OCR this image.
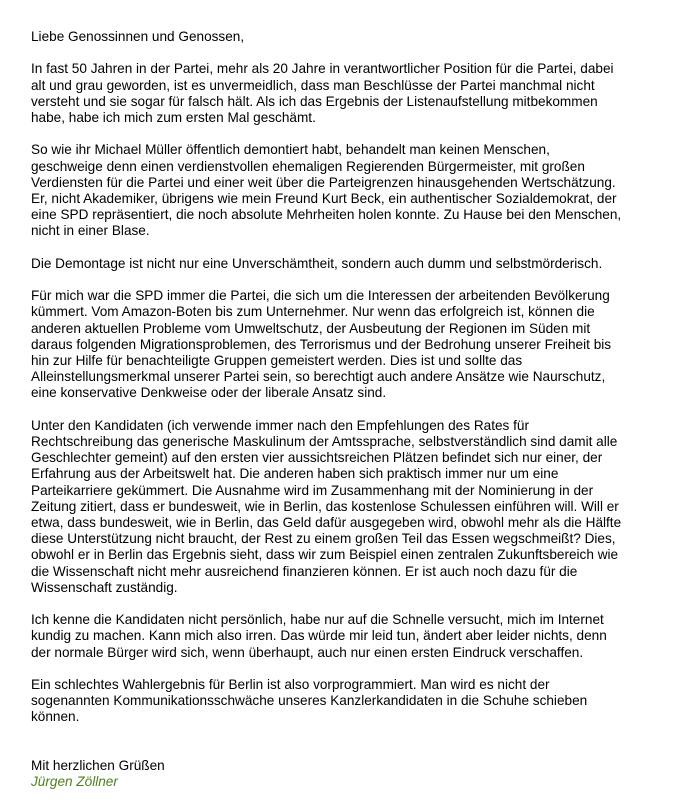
Liebe Genossinnen und Genossen,

In fast 50 Jahren in der Partei, mehr als 20 Jahre in verantwortlicher Position für die Partei, dabei
alt und grau geworden, ist es unvermeidlich, dass man Beschlüsse der Partei manchmal nicht
versteht und sie sogar für falsch hält. Als ich das Ergebnis der Listenaufstellung mitbekommen
habe, habe ich mich zum ersten Mal geschämt.

So wie ihr Michael Müller öffentlich demontiert habt, behandelt man keinen Menschen,
geschweige denn einen verdienstvollen ehemaligen Regierenden Bürgermeister, mit großen
Verdiensten für die Partei und einer weit über die Parteigrenzen hinausgehenden Wertschätzung.
Er, nicht Akademiker, übrigens wie mein Freund Kurt Beck, ein authentischer Sozialdemokrat, der
eine SPD repräsentiert, die noch absolute Mehrheiten holen konnte. Zu Hause bei den Menschen,
nicht in einer Blase.

Die Demontage ist nicht nur eine Unverschämtheit, sondern auch dumm und selbstmörderisch.

Für mich war die SPD immer die Partei, die sich um die Interessen der arbeitenden Bevölkerung
kümmert. Vom Amazon-Boten bis zum Unternehmer. Nur wenn das erfolgreich ist, können die
anderen aktuellen Probleme vom Umweltschutz, der Ausbeutung der Regionen im Süden mit
daraus folgenden Migrationsproblemen, des Terrorismus und der Bedrohung unserer Freiheit bis
hin zur Hilfe für benachteiligte Gruppen gemeistert werden. Dies ist und sollte das
Alleinstellungsmerkmal unserer Partei sein, so berechtigt auch andere Ansätze wie Naurschutz,
eine konservative Denkweise oder der liberale Ansatz sind.

Unter den Kandidaten (ich verwende immer nach den Empfehlungen des Rates für
Rechtschreibung das generische Maskulinum der Amtssprache, selbstverständlich sind damit alle
Geschlechter gemeint) auf den ersten vier aussichtsreichen Plätzen befindet sich nur einer, der
Erfahrung aus der Arbeitswelt hat. Die anderen haben sich praktisch immer nur um eine
Parteikarriere gekümmert. Die Ausnahme wird im Zusammenhang mit der Nominierung in der
Zeitung zitiert, dass er bundesweit, wie in Berlin, das kostenlose Schulessen einführen will. Will er
etwa, dass bundesweit, wie in Berlin, das Geld dafür ausgegeben wird, obwohl mehr als die Hälfte
diese Unterstützung nicht braucht, der Rest zu einem großen Teil das Essen wegschmeißt? Dies,
obwohl er in Berlin das Ergebnis sieht, dass wir zum Beispiel einen zentralen Zukunftsbereich wie
die Wissenschaft nicht mehr ausreichend finanzieren können. Er ist auch noch dazu für die
Wissenschaft zuständig.

Ich kenne die Kandidaten nicht persönlich, habe nur auf die Schnelle versucht, mich im Internet
kundig zu machen. Kann mich also irren. Das würde mir leid tun, ändert aber leider nichts, denn
der normale Bürger wird sich, wenn überhaupt, auch nur einen ersten Eindruck verschaffen.

Ein schlechtes Wahlergebnis für Berlin ist also vorprogrammiert. Man wird es nicht der
sogenannten Kommunikationsschwäche unseres Kanzlerkandidaten in die Schuhe schieben
können.

Mit herzlichen Grüßen

Jürgen Zöllner
